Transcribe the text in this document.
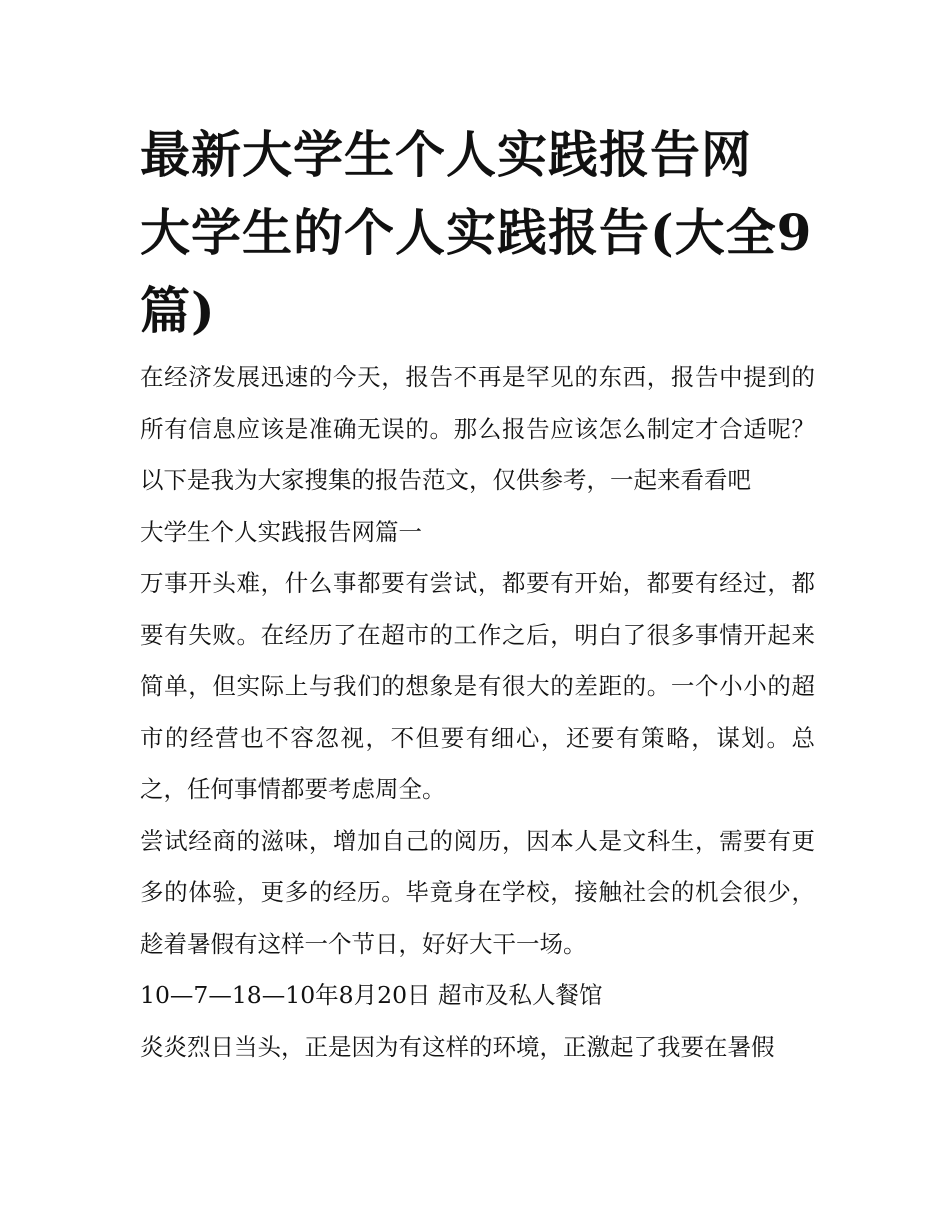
最新大学生个人实践报告网 大学生的个人实践报告(大全9篇)

在经济发展迅速的今天，报告不再是罕见的东西，报告中提到的所有信息应该是准确无误的。那么报告应该怎么制定才合适呢？以下是我为大家搜集的报告范文，仅供参考，一起来看看吧

大学生个人实践报告网篇一

万事开头难，什么事都要有尝试，都要有开始，都要有经过，都要有失败。在经历了在超市的工作之后，明白了很多事情开起来简单，但实际上与我们的想象是有很大的差距的。一个小小的超市的经营也不容忽视，不但要有细心，还要有策略，谋划。总之，任何事情都要考虑周全。

尝试经商的滋味，增加自己的阅历，因本人是文科生，需要有更多的体验，更多的经历。毕竟身在学校，接触社会的机会很少，趁着暑假有这样一个节日，好好大干一场。

10—7—18—10年8月20日 超市及私人餐馆

炎炎烈日当头，正是因为有这样的环境，正激起了我要在暑假
